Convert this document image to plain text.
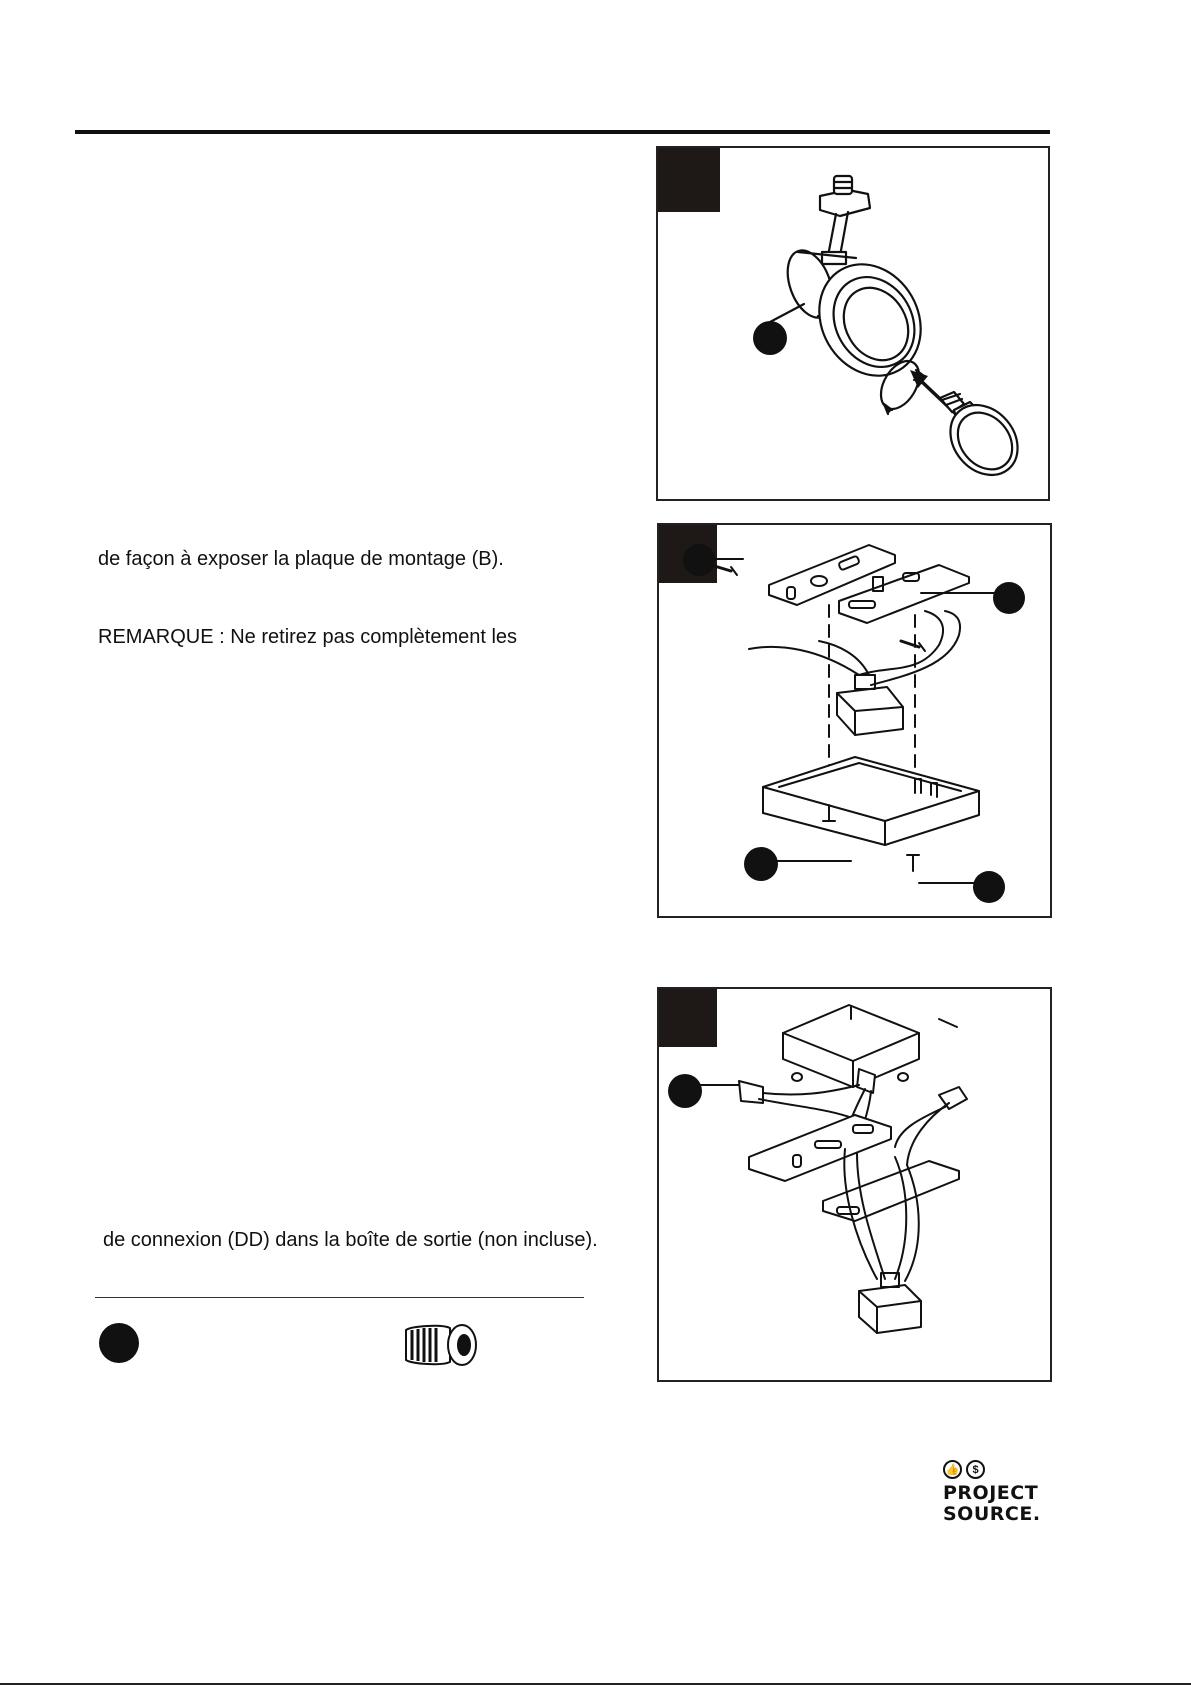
de façon à exposer la plaque de montage (B).
REMARQUE : Ne retirez pas complètement les
de connexion (DD) dans la boîte de sortie (non incluse).
👍	$
PROJECT
SOURCE.
